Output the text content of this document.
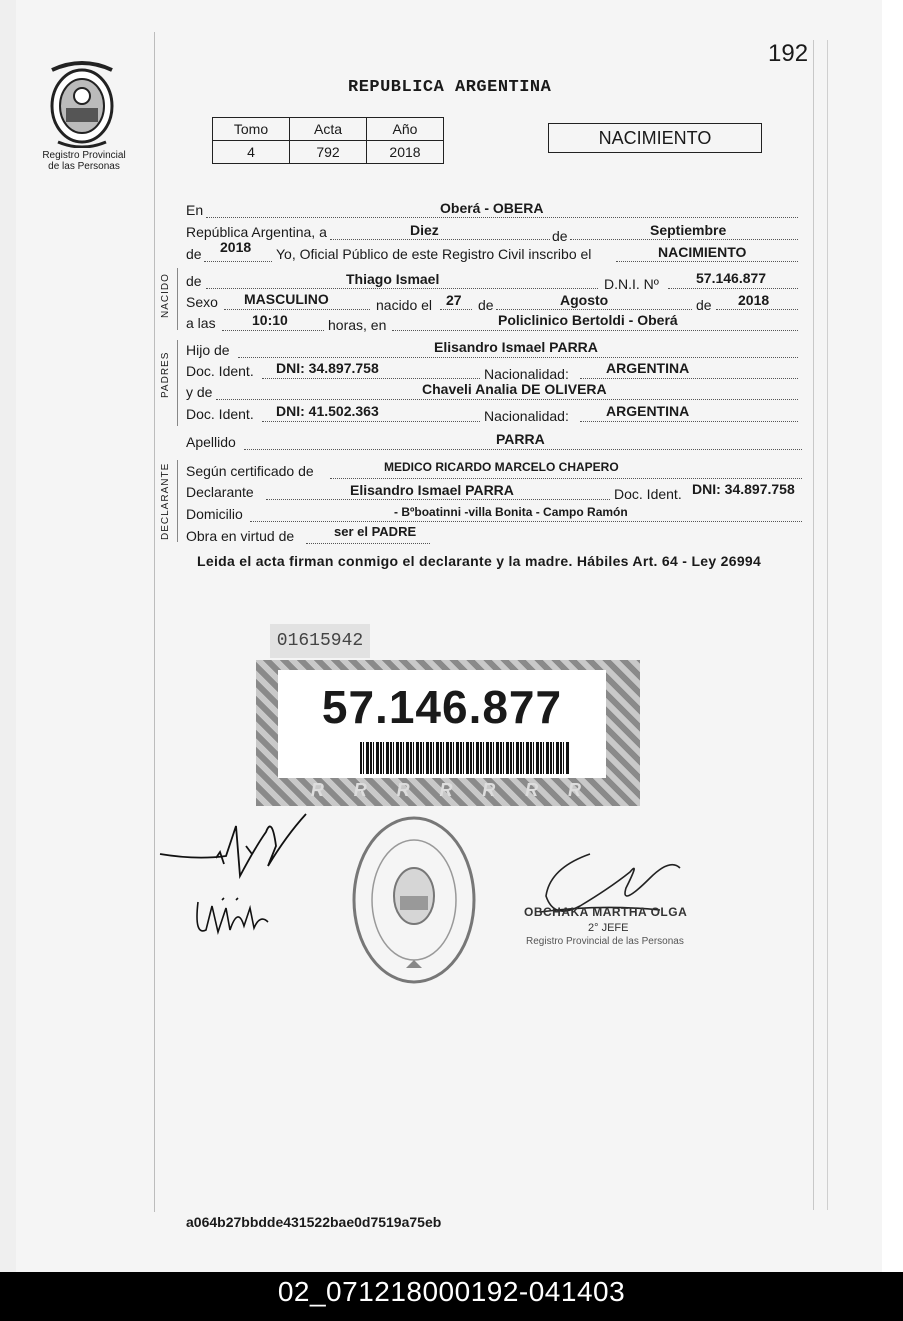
192
Registro Provincial
de las Personas
REPUBLICA ARGENTINA
Tomo	Acta	Año
4	792	2018
NACIMIENTO
En	Oberá - OBERA
República Argentina, a	Diez	de	Septiembre
de 2018 Yo, Oficial Público de este Registro Civil inscribo el	NACIMIENTO
NACIDO de	Thiago Ismael	D.N.I. Nº	57.146.877
Sexo MASCULINO	nacido el 27 de	Agosto	de 2018
a las	10:10	horas, en	Policlinico Bertoldi - Oberá
PADRES
Hijo de	Elisandro Ismael PARRA
Doc. Ident. DNI: 34.897.758	Nacionalidad:	ARGENTINA
y de	Chaveli Analia DE OLIVERA
Doc. Ident. DNI: 41.502.363	Nacionalidad:	ARGENTINA
Apellido	PARRA
DECLARANTE Según certificado de	MEDICO RICARDO MARCELO CHAPERO
Declarante	Elisandro Ismael PARRA	Doc. Ident. DNI: 34.897.758
Domicilio	- Bºboatinni -villa Bonita - Campo Ramón
Obra en virtud de	ser el PADRE
Leida el acta firman conmigo el declarante y la madre. Hábiles Art. 64 - Ley 26994
01615942
57.146.877
R R R R R R R
OBCHAKA MARTHA OLGA
2° JEFE
Registro Provincial de las Personas
a064b27bbdde431522bae0d7519a75eb
02_071218000192-041403
